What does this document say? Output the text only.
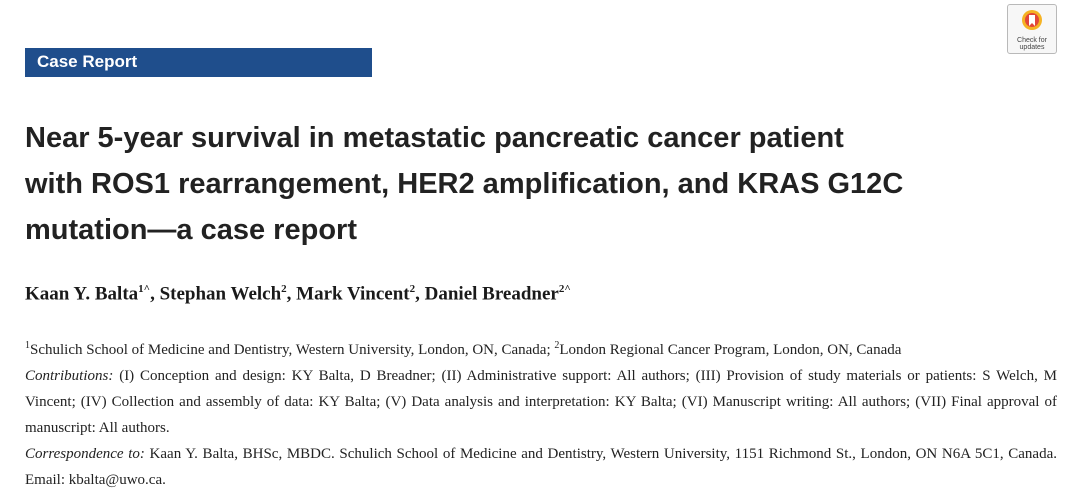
Case Report
Check for
updates
Near 5-year survival in metastatic pancreatic cancer patient
with ROS1 rearrangement, HER2 amplification, and KRAS G12C
mutation—a case report
Kaan Y. Balta$^{1\^{}}$, Stephan Welch$^2$, Mark Vincent$^2$, Daniel Breadner$^{2\^{}}$

$^1$Schulich School of Medicine and Dentistry, Western University, London, ON, Canada; $^2$London Regional Cancer Program, London, ON, Canada

Contributions: (I) Conception and design: KY Balta, D Breadner; (II) Administrative support: All authors; (III) Provision of study materials or patients: S Welch, M Vincent; (IV) Collection and assembly of data: KY Balta; (V) Data analysis and interpretation: KY Balta; (VI) Manuscript writing: All authors; (VII) Final approval of manuscript: All authors.

Correspondence to: Kaan Y. Balta, BHSc, MBDC. Schulich School of Medicine and Dentistry, Western University, 1151 Richmond St., London, ON N6A 5C1, Canada. Email: kbalta@uwo.ca.
